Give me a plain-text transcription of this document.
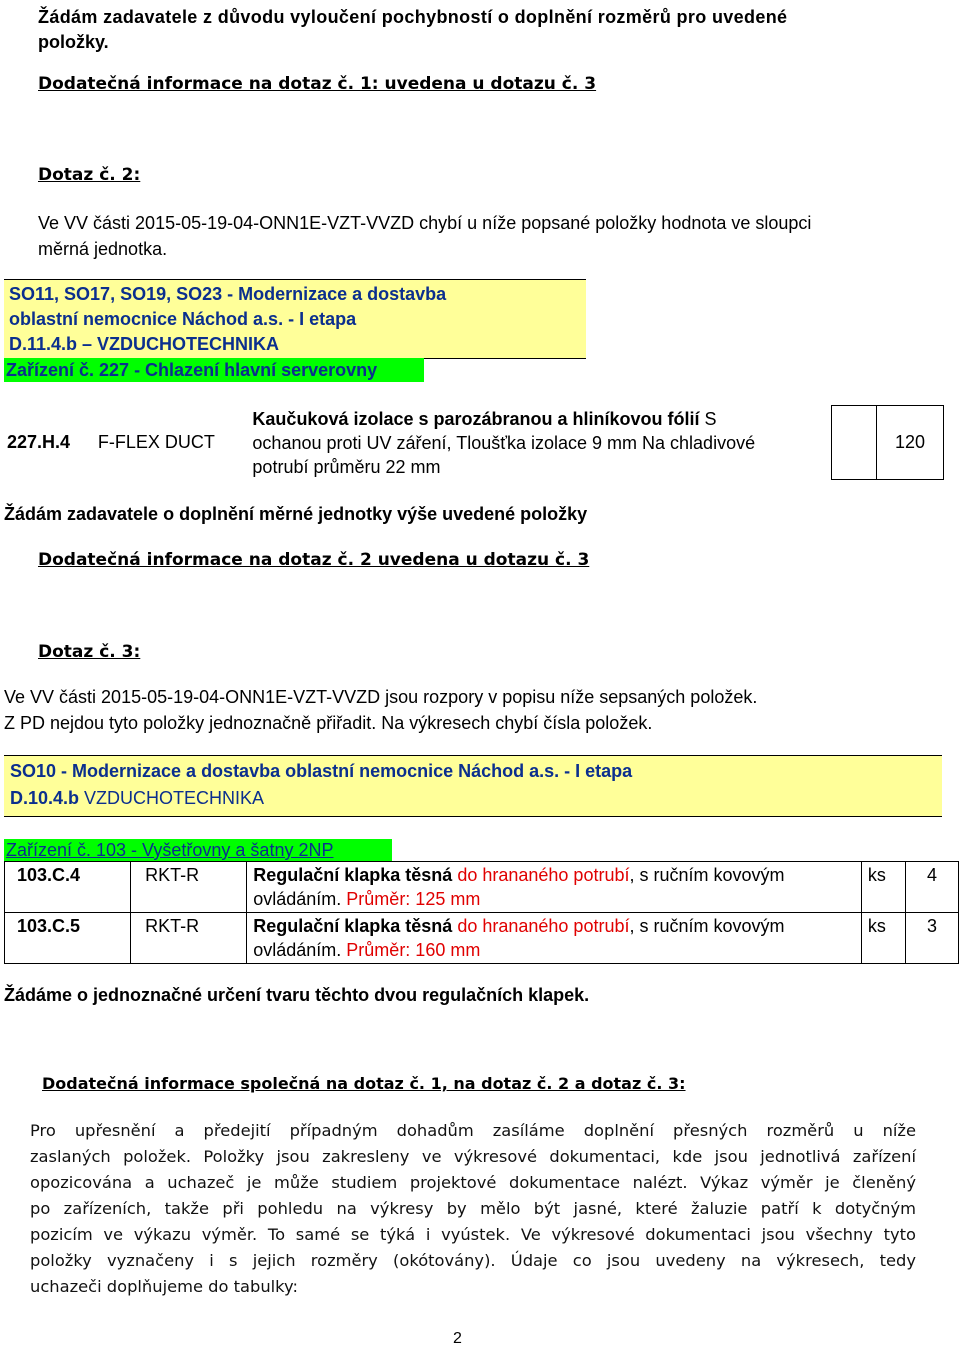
Žádám zadavatele z důvodu vyloučení pochybností o doplnění rozměrů pro uvedené
položky.
Dodatečná informace na dotaz č. 1: uvedena u dotazu č. 3
Dotaz č. 2:
Ve VV části 2015-05-19-04-ONN1E-VZT-VVZD chybí u níže popsané položky hodnota ve sloupci
měrná jednotka.
SO11, SO17, SO19, SO23 - Modernizace a dostavba
oblastní nemocnice Náchod a.s. - I etapa
D.11.4.b – VZDUCHOTECHNIKA
Zařízení č. 227 - Chlazení hlavní serverovny
227.H.4	F-FLEX DUCT	Kaučuková izolace s parozábranou a hliníkovou fólií S
ochanou proti UV záření, Tloušťka izolace 9 mm Na chladivové
potrubí průměru 22 mm		120
Žádám zadavatele o doplnění měrné jednotky výše uvedené položky
Dodatečná informace na dotaz č. 2 uvedena u dotazu č. 3
Dotaz č. 3:
Ve VV části 2015-05-19-04-ONN1E-VZT-VVZD jsou rozpory v popisu níže sepsaných položek.
Z PD nejdou tyto položky jednoznačně přiřadit. Na výkresech chybí čísla položek.
SO10 - Modernizace a dostavba oblastní nemocnice Náchod a.s. - I etapa
D.10.4.b VZDUCHOTECHNIKA
Zařízení č. 103 - Vyšetřovny a šatny 2NP
103.C.4	RKT-R	Regulační klapka těsná do hrananého potrubí, s ručním kovovým
ovládáním. Průměr: 125 mm	ks	4
103.C.5	RKT-R	Regulační klapka těsná do hrananého potrubí, s ručním kovovým
ovládáním. Průměr: 160 mm	ks	3
Žádáme o jednoznačné určení tvaru těchto dvou regulačních klapek.
Dodatečná informace společná na dotaz č. 1, na dotaz č. 2 a dotaz č. 3:
Pro upřesnění a předejití případným dohadům zasíláme doplnění přesných rozměrů u níže
zaslaných položek. Položky jsou zakresleny ve výkresové dokumentaci, kde jsou jednotlivá zařízení
opozicována a uchazeč je může studiem projektové dokumentace nalézt. Výkaz výměr je členěný
po zařízeních, takže při pohledu na výkresy by mělo být jasné, které žaluzie patří k dotyčným
pozicím ve výkazu výměr. To samé se týká i vyústek. Ve výkresové dokumentaci jsou všechny tyto
položky vyznačeny i s jejich rozměry (okótovány). Údaje co jsou uvedeny na výkresech, tedy
uchazeči doplňujeme do tabulky:
2
